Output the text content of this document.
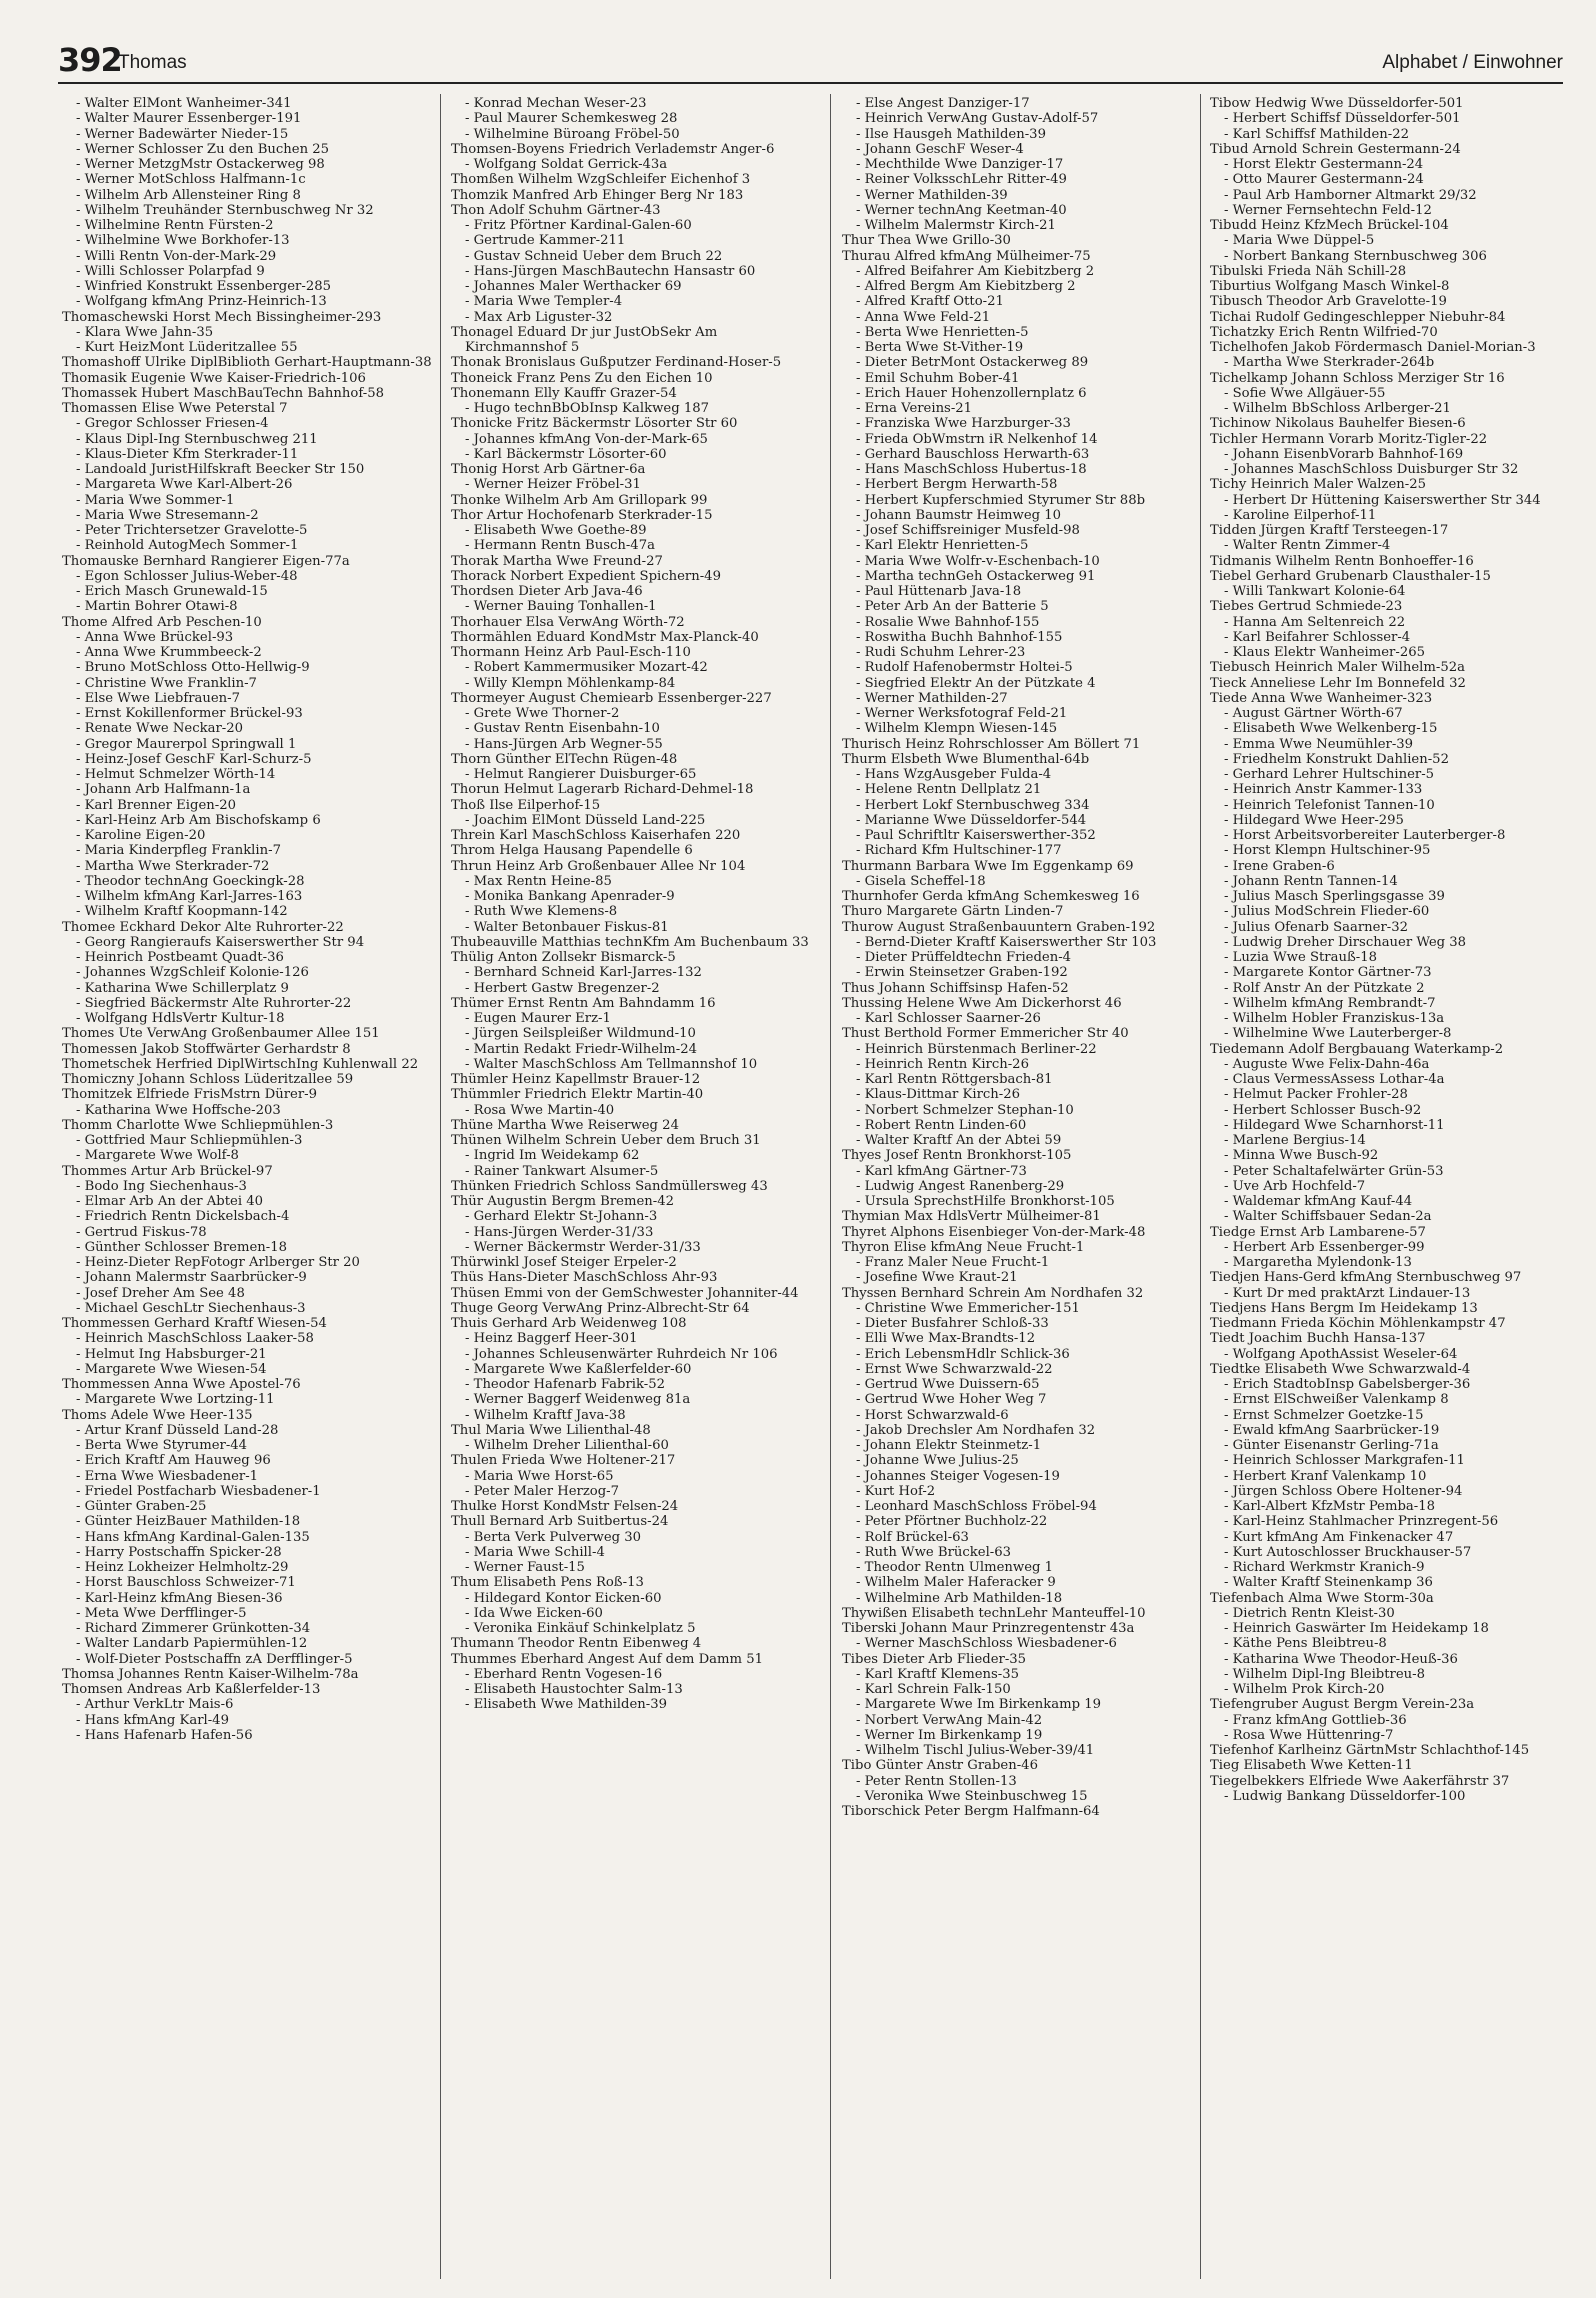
392
Thomas	Alphabet / Einwohner
- Walter ElMont Wanheimer-341
- Walter Maurer Essenberger-191
- Werner Badewärter Nieder-15
- Werner Schlosser Zu den Buchen 25
- Werner MetzgMstr Ostackerweg 98
- Werner MotSchloss Halfmann-1c
- Wilhelm Arb Allensteiner Ring 8
- Wilhelm Treuhänder Sternbuschweg Nr 32
- Wilhelmine Rentn Fürsten-2
- Wilhelmine Wwe Borkhofer-13
- Willi Rentn Von-der-Mark-29
- Willi Schlosser Polarpfad 9
- Winfried Konstrukt Essenberger-285
- Wolfgang kfmAng Prinz-Heinrich-13
Thomaschewski Horst Mech Bissingheimer-293
- Klara Wwe Jahn-35
- Kurt HeizMont Lüderitzallee 55
Thomashoff Ulrike DiplBiblioth Gerhart-Hauptmann-38
Thomasik Eugenie Wwe Kaiser-Friedrich-106
Thomassek Hubert MaschBauTechn Bahnhof-58
Thomassen Elise Wwe Peterstal 7
- Gregor Schlosser Friesen-4
- Klaus Dipl-Ing Sternbuschweg 211
- Klaus-Dieter Kfm Sterkrader-11
- Landoald JuristHilfskraft Beecker Str 150
- Margareta Wwe Karl-Albert-26
- Maria Wwe Sommer-1
- Maria Wwe Stresemann-2
- Peter Trichtersetzer Gravelotte-5
- Reinhold AutogMech Sommer-1
Thomauske Bernhard Rangierer Eigen-77a
- Egon Schlosser Julius-Weber-48
- Erich Masch Grunewald-15
- Martin Bohrer Otawi-8
Thome Alfred Arb Peschen-10
- Anna Wwe Brückel-93
- Anna Wwe Krummbeeck-2
- Bruno MotSchloss Otto-Hellwig-9
- Christine Wwe Franklin-7
- Else Wwe Liebfrauen-7
- Ernst Kokillenformer Brückel-93
- Renate Wwe Neckar-20
- Gregor Maurerpol Springwall 1
- Heinz-Josef GeschF Karl-Schurz-5
- Helmut Schmelzer Wörth-14
- Johann Arb Halfmann-1a
- Karl Brenner Eigen-20
- Karl-Heinz Arb Am Bischofskamp 6
- Karoline Eigen-20
- Maria Kinderpfleg Franklin-7
- Martha Wwe Sterkrader-72
- Theodor technAng Goeckingk-28
- Wilhelm kfmAng Karl-Jarres-163
- Wilhelm Kraftf Koopmann-142
Thomee Eckhard Dekor Alte Ruhrorter-22
- Georg Rangieraufs Kaiserswerther Str 94
- Heinrich Postbeamt Quadt-36
- Johannes WzgSchleif Kolonie-126
- Katharina Wwe Schillerplatz 9
- Siegfried Bäckermstr Alte Ruhrorter-22
- Wolfgang HdlsVertr Kultur-18
Thomes Ute VerwAng Großenbaumer Allee 151
Thomessen Jakob Stoffwärter Gerhardstr 8
Thometschek Herfried DiplWirtschIng Kuhlenwall 22
Thomiczny Johann Schloss Lüderitzallee 59
Thomitzek Elfriede FrisMstrn Dürer-9
- Katharina Wwe Hoffsche-203
Thomm Charlotte Wwe Schliepmühlen-3
- Gottfried Maur Schliepmühlen-3
- Margarete Wwe Wolf-8
Thommes Artur Arb Brückel-97
- Bodo Ing Siechenhaus-3
- Elmar Arb An der Abtei 40
- Friedrich Rentn Dickelsbach-4
- Gertrud Fiskus-78
- Günther Schlosser Bremen-18
- Heinz-Dieter RepFotogr Arlberger Str 20
- Johann Malermstr Saarbrücker-9
- Josef Dreher Am See 48
- Michael GeschLtr Siechenhaus-3
Thommessen Gerhard Kraftf Wiesen-54
- Heinrich MaschSchloss Laaker-58
- Helmut Ing Habsburger-21
- Margarete Wwe Wiesen-54
Thommessen Anna Wwe Apostel-76
- Margarete Wwe Lortzing-11
Thoms Adele Wwe Heer-135
- Artur Kranf Düsseld Land-28
- Berta Wwe Styrumer-44
- Erich Kraftf Am Hauweg 96
- Erna Wwe Wiesbadener-1
- Friedel Postfacharb Wiesbadener-1
- Günter Graben-25
- Günter HeizBauer Mathilden-18
- Hans kfmAng Kardinal-Galen-135
- Harry Postschaffn Spicker-28
- Heinz Lokheizer Helmholtz-29
- Horst Bauschloss Schweizer-71
- Karl-Heinz kfmAng Biesen-36
- Meta Wwe Derfflinger-5
- Richard Zimmerer Grünkotten-34
- Walter Landarb Papiermühlen-12
- Wolf-Dieter Postschaffn zA Derfflinger-5
Thomsa Johannes Rentn Kaiser-Wilhelm-78a
Thomsen Andreas Arb Kaßlerfelder-13
- Arthur VerkLtr Mais-6
- Hans kfmAng Karl-49
- Hans Hafenarb Hafen-56
- Konrad Mechan Weser-23
- Paul Maurer Schemkesweg 28
- Wilhelmine Büroang Fröbel-50
Thomsen-Boyens Friedrich Verlademstr Anger-6
- Wolfgang Soldat Gerrick-43a
Thomßen Wilhelm WzgSchleifer Eichenhof 3
Thomzik Manfred Arb Ehinger Berg Nr 183
Thon Adolf Schuhm Gärtner-43
- Fritz Pförtner Kardinal-Galen-60
- Gertrude Kammer-211
- Gustav Schneid Ueber dem Bruch 22
- Hans-Jürgen MaschBautechn Hansastr 60
- Johannes Maler Werthacker 69
- Maria Wwe Templer-4
- Max Arb Liguster-32
Thonagel Eduard Dr jur JustObSekr Am Kirchmannshof 5
Thonak Bronislaus Gußputzer Ferdinand-Hoser-5
Thoneick Franz Pens Zu den Eichen 10
Thonemann Elly Kauffr Grazer-54
- Hugo technBbObInsp Kalkweg 187
Thonicke Fritz Bäckermstr Lösorter Str 60
- Johannes kfmAng Von-der-Mark-65
- Karl Bäckermstr Lösorter-60
Thonig Horst Arb Gärtner-6a
- Werner Heizer Fröbel-31
Thonke Wilhelm Arb Am Grillopark 99
Thor Artur Hochofenarb Sterkrader-15
- Elisabeth Wwe Goethe-89
- Hermann Rentn Busch-47a
Thorak Martha Wwe Freund-27
Thorack Norbert Expedient Spichern-49
Thordsen Dieter Arb Java-46
- Werner Bauing Tonhallen-1
Thorhauer Elsa VerwAng Wörth-72
Thormählen Eduard KondMstr Max-Planck-40
Thormann Heinz Arb Paul-Esch-110
- Robert Kammermusiker Mozart-42
- Willy Klempn Möhlenkamp-84
Thormeyer August Chemiearb Essenberger-227
- Grete Wwe Thorner-2
- Gustav Rentn Eisenbahn-10
- Hans-Jürgen Arb Wegner-55
Thorn Günther ElTechn Rügen-48
- Helmut Rangierer Duisburger-65
Thorun Helmut Lagerarb Richard-Dehmel-18
Thoß Ilse Eilperhof-15
- Joachim ElMont Düsseld Land-225
Threin Karl MaschSchloss Kaiserhafen 220
Throm Helga Hausang Papendelle 6
Thrun Heinz Arb Großenbauer Allee Nr 104
- Max Rentn Heine-85
- Monika Bankang Apenrader-9
- Ruth Wwe Klemens-8
- Walter Betonbauer Fiskus-81
Thubeauville Matthias technKfm Am Buchenbaum 33
Thülig Anton Zollsekr Bismarck-5
- Bernhard Schneid Karl-Jarres-132
- Herbert Gastw Bregenzer-2
Thümer Ernst Rentn Am Bahndamm 16
- Eugen Maurer Erz-1
- Jürgen Seilspleißer Wildmund-10
- Martin Redakt Friedr-Wilhelm-24
- Walter MaschSchloss Am Tellmannshof 10
Thümler Heinz Kapellmstr Brauer-12
Thümmler Friedrich Elektr Martin-40
- Rosa Wwe Martin-40
Thüne Martha Wwe Reiserweg 24
Thünen Wilhelm Schrein Ueber dem Bruch 31
- Ingrid Im Weidekamp 62
- Rainer Tankwart Alsumer-5
Thünken Friedrich Schloss Sandmüllersweg 43
Thür Augustin Bergm Bremen-42
- Gerhard Elektr St-Johann-3
- Hans-Jürgen Werder-31/33
- Werner Bäckermstr Werder-31/33
Thürwinkl Josef Steiger Erpeler-2
Thüs Hans-Dieter MaschSchloss Ahr-93
Thüsen Emmi von der GemSchwester Johanniter-44
Thuge Georg VerwAng Prinz-Albrecht-Str 64
Thuis Gerhard Arb Weidenweg 108
- Heinz Baggerf Heer-301
- Johannes Schleusenwärter Ruhrdeich Nr 106
- Margarete Wwe Kaßlerfelder-60
- Theodor Hafenarb Fabrik-52
- Werner Baggerf Weidenweg 81a
- Wilhelm Kraftf Java-38
Thul Maria Wwe Lilienthal-48
- Wilhelm Dreher Lilienthal-60
Thulen Frieda Wwe Holtener-217
- Maria Wwe Horst-65
- Peter Maler Herzog-7
Thulke Horst KondMstr Felsen-24
Thull Bernard Arb Suitbertus-24
- Berta Verk Pulverweg 30
- Maria Wwe Schill-4
- Werner Faust-15
Thum Elisabeth Pens Roß-13
- Hildegard Kontor Eicken-60
- Ida Wwe Eicken-60
- Veronika Einkäuf Schinkelplatz 5
Thumann Theodor Rentn Eibenweg 4
Thummes Eberhard Angest Auf dem Damm 51
- Eberhard Rentn Vogesen-16
- Elisabeth Haustochter Salm-13
- Elisabeth Wwe Mathilden-39
- Else Angest Danziger-17
- Heinrich VerwAng Gustav-Adolf-57
- Ilse Hausgeh Mathilden-39
- Johann GeschF Weser-4
- Mechthilde Wwe Danziger-17
- Reiner VolksschLehr Ritter-49
- Werner Mathilden-39
- Werner technAng Keetman-40
- Wilhelm Malermstr Kirch-21
Thur Thea Wwe Grillo-30
Thurau Alfred kfmAng Mülheimer-75
- Alfred Beifahrer Am Kiebitzberg 2
- Alfred Bergm Am Kiebitzberg 2
- Alfred Kraftf Otto-21
- Anna Wwe Feld-21
- Berta Wwe Henrietten-5
- Berta Wwe St-Vither-19
- Dieter BetrMont Ostackerweg 89
- Emil Schuhm Bober-41
- Erich Hauer Hohenzollernplatz 6
- Erna Vereins-21
- Franziska Wwe Harzburger-33
- Frieda ObWmstrn iR Nelkenhof 14
- Gerhard Bauschloss Herwarth-63
- Hans MaschSchloss Hubertus-18
- Herbert Bergm Herwarth-58
- Herbert Kupferschmied Styrumer Str 88b
- Johann Baumstr Heimweg 10
- Josef Schiffsreiniger Musfeld-98
- Karl Elektr Henrietten-5
- Maria Wwe Wolfr-v-Eschenbach-10
- Martha technGeh Ostackerweg 91
- Paul Hüttenarb Java-18
- Peter Arb An der Batterie 5
- Rosalie Wwe Bahnhof-155
- Roswitha Buchh Bahnhof-155
- Rudi Schuhm Lehrer-23
- Rudolf Hafenobermstr Holtei-5
- Siegfried Elektr An der Pützkate 4
- Werner Mathilden-27
- Werner Werksfotograf Feld-21
- Wilhelm Klempn Wiesen-145
Thurisch Heinz Rohrschlosser Am Böllert 71
Thurm Elsbeth Wwe Blumenthal-64b
- Hans WzgAusgeber Fulda-4
- Helene Rentn Dellplatz 21
- Herbert Lokf Sternbuschweg 334
- Marianne Wwe Düsseldorfer-544
- Paul Schriftltr Kaiserswerther-352
- Richard Kfm Hultschiner-177
Thurmann Barbara Wwe Im Eggenkamp 69
- Gisela Scheffel-18
Thurnhofer Gerda kfmAng Schemkesweg 16
Thuro Margarete Gärtn Linden-7
Thurow August Straßenbauuntern Graben-192
- Bernd-Dieter Kraftf Kaiserswerther Str 103
- Dieter Prüffeldtechn Frieden-4
- Erwin Steinsetzer Graben-192
Thus Johann Schiffsinsp Hafen-52
Thussing Helene Wwe Am Dickerhorst 46
- Karl Schlosser Saarner-26
Thust Berthold Former Emmericher Str 40
- Heinrich Bürstenmach Berliner-22
- Heinrich Rentn Kirch-26
- Karl Rentn Röttgersbach-81
- Klaus-Dittmar Kirch-26
- Norbert Schmelzer Stephan-10
- Robert Rentn Linden-60
- Walter Kraftf An der Abtei 59
Thyes Josef Rentn Bronkhorst-105
- Karl kfmAng Gärtner-73
- Ludwig Angest Ranenberg-29
- Ursula SprechstHilfe Bronkhorst-105
Thymian Max HdlsVertr Mülheimer-81
Thyret Alphons Eisenbieger Von-der-Mark-48
Thyron Elise kfmAng Neue Frucht-1
- Franz Maler Neue Frucht-1
- Josefine Wwe Kraut-21
Thyssen Bernhard Schrein Am Nordhafen 32
- Christine Wwe Emmericher-151
- Dieter Busfahrer Schloß-33
- Elli Wwe Max-Brandts-12
- Erich LebensmHdlr Schlick-36
- Ernst Wwe Schwarzwald-22
- Gertrud Wwe Duissern-65
- Gertrud Wwe Hoher Weg 7
- Horst Schwarzwald-6
- Jakob Drechsler Am Nordhafen 32
- Johann Elektr Steinmetz-1
- Johanne Wwe Julius-25
- Johannes Steiger Vogesen-19
- Kurt Hof-2
- Leonhard MaschSchloss Fröbel-94
- Peter Pförtner Buchholz-22
- Rolf Brückel-63
- Ruth Wwe Brückel-63
- Theodor Rentn Ulmenweg 1
- Wilhelm Maler Haferacker 9
- Wilhelmine Arb Mathilden-18
Thywißen Elisabeth technLehr Manteuffel-10
Tiberski Johann Maur Prinzregentenstr 43a
- Werner MaschSchloss Wiesbadener-6
Tibes Dieter Arb Flieder-35
- Karl Kraftf Klemens-35
- Karl Schrein Falk-150
- Margarete Wwe Im Birkenkamp 19
- Norbert VerwAng Main-42
- Werner Im Birkenkamp 19
- Wilhelm Tischl Julius-Weber-39/41
Tibo Günter Anstr Graben-46
- Peter Rentn Stollen-13
- Veronika Wwe Steinbuschweg 15
Tiborschick Peter Bergm Halfmann-64
Tibow Hedwig Wwe Düsseldorfer-501
- Herbert Schiffsf Düsseldorfer-501
- Karl Schiffsf Mathilden-22
Tibud Arnold Schrein Gestermann-24
- Horst Elektr Gestermann-24
- Otto Maurer Gestermann-24
- Paul Arb Hamborner Altmarkt 29/32
- Werner Fernsehtechn Feld-12
Tibudd Heinz KfzMech Brückel-104
- Maria Wwe Düppel-5
- Norbert Bankang Sternbuschweg 306
Tibulski Frieda Näh Schill-28
Tiburtius Wolfgang Masch Winkel-8
Tibusch Theodor Arb Gravelotte-19
Tichai Rudolf Gedingeschlepper Niebuhr-84
Tichatzky Erich Rentn Wilfried-70
Tichelhofen Jakob Fördermasch Daniel-Morian-3
- Martha Wwe Sterkrader-264b
Tichelkamp Johann Schloss Merziger Str 16
- Sofie Wwe Allgäuer-55
- Wilhelm BbSchloss Arlberger-21
Tichinow Nikolaus Bauhelfer Biesen-6
Tichler Hermann Vorarb Moritz-Tigler-22
- Johann EisenbVorarb Bahnhof-169
- Johannes MaschSchloss Duisburger Str 32
Tichy Heinrich Maler Walzen-25
- Herbert Dr Hüttening Kaiserswerther Str 344
- Karoline Eilperhof-11
Tidden Jürgen Kraftf Tersteegen-17
- Walter Rentn Zimmer-4
Tidmanis Wilhelm Rentn Bonhoeffer-16
Tiebel Gerhard Grubenarb Clausthaler-15
- Willi Tankwart Kolonie-64
Tiebes Gertrud Schmiede-23
- Hanna Am Seltenreich 22
- Karl Beifahrer Schlosser-4
- Klaus Elektr Wanheimer-265
Tiebusch Heinrich Maler Wilhelm-52a
Tieck Anneliese Lehr Im Bonnefeld 32
Tiede Anna Wwe Wanheimer-323
- August Gärtner Wörth-67
- Elisabeth Wwe Welkenberg-15
- Emma Wwe Neumühler-39
- Friedhelm Konstrukt Dahlien-52
- Gerhard Lehrer Hultschiner-5
- Heinrich Anstr Kammer-133
- Heinrich Telefonist Tannen-10
- Hildegard Wwe Heer-295
- Horst Arbeitsvorbereiter Lauterberger-8
- Horst Klempn Hultschiner-95
- Irene Graben-6
- Johann Rentn Tannen-14
- Julius Masch Sperlingsgasse 39
- Julius ModSchrein Flieder-60
- Julius Ofenarb Saarner-32
- Ludwig Dreher Dirschauer Weg 38
- Luzia Wwe Strauß-18
- Margarete Kontor Gärtner-73
- Rolf Anstr An der Pützkate 2
- Wilhelm kfmAng Rembrandt-7
- Wilhelm Hobler Franziskus-13a
- Wilhelmine Wwe Lauterberger-8
Tiedemann Adolf Bergbauang Waterkamp-2
- Auguste Wwe Felix-Dahn-46a
- Claus VermessAssess Lothar-4a
- Helmut Packer Frohler-28
- Herbert Schlosser Busch-92
- Hildegard Wwe Scharnhorst-11
- Marlene Bergius-14
- Minna Wwe Busch-92
- Peter Schaltafelwärter Grün-53
- Uve Arb Hochfeld-7
- Waldemar kfmAng Kauf-44
- Walter Schiffsbauer Sedan-2a
Tiedge Ernst Arb Lambarene-57
- Herbert Arb Essenberger-99
- Margaretha Mylendonk-13
Tiedjen Hans-Gerd kfmAng Sternbuschweg 97
- Kurt Dr med praktArzt Lindauer-13
Tiedjens Hans Bergm Im Heidekamp 13
Tiedmann Frieda Köchin Möhlenkampstr 47
Tiedt Joachim Buchh Hansa-137
- Wolfgang ApothAssist Weseler-64
Tiedtke Elisabeth Wwe Schwarzwald-4
- Erich StadtobInsp Gabelsberger-36
- Ernst ElSchweißer Valenkamp 8
- Ernst Schmelzer Goetzke-15
- Ewald kfmAng Saarbrücker-19
- Günter Eisenanstr Gerling-71a
- Heinrich Schlosser Markgrafen-11
- Herbert Kranf Valenkamp 10
- Jürgen Schloss Obere Holtener-94
- Karl-Albert KfzMstr Pemba-18
- Karl-Heinz Stahlmacher Prinzregent-56
- Kurt kfmAng Am Finkenacker 47
- Kurt Autoschlosser Bruckhauser-57
- Richard Werkmstr Kranich-9
- Walter Kraftf Steinenkamp 36
Tiefenbach Alma Wwe Storm-30a
- Dietrich Rentn Kleist-30
- Heinrich Gaswärter Im Heidekamp 18
- Käthe Pens Bleibtreu-8
- Katharina Wwe Theodor-Heuß-36
- Wilhelm Dipl-Ing Bleibtreu-8
- Wilhelm Prok Kirch-20
Tiefengruber August Bergm Verein-23a
- Franz kfmAng Gottlieb-36
- Rosa Wwe Hüttenring-7
Tiefenhof Karlheinz GärtnMstr Schlachthof-145
Tieg Elisabeth Wwe Ketten-11
Tiegelbekkers Elfriede Wwe Aakerfährstr 37
- Ludwig Bankang Düsseldorfer-100
